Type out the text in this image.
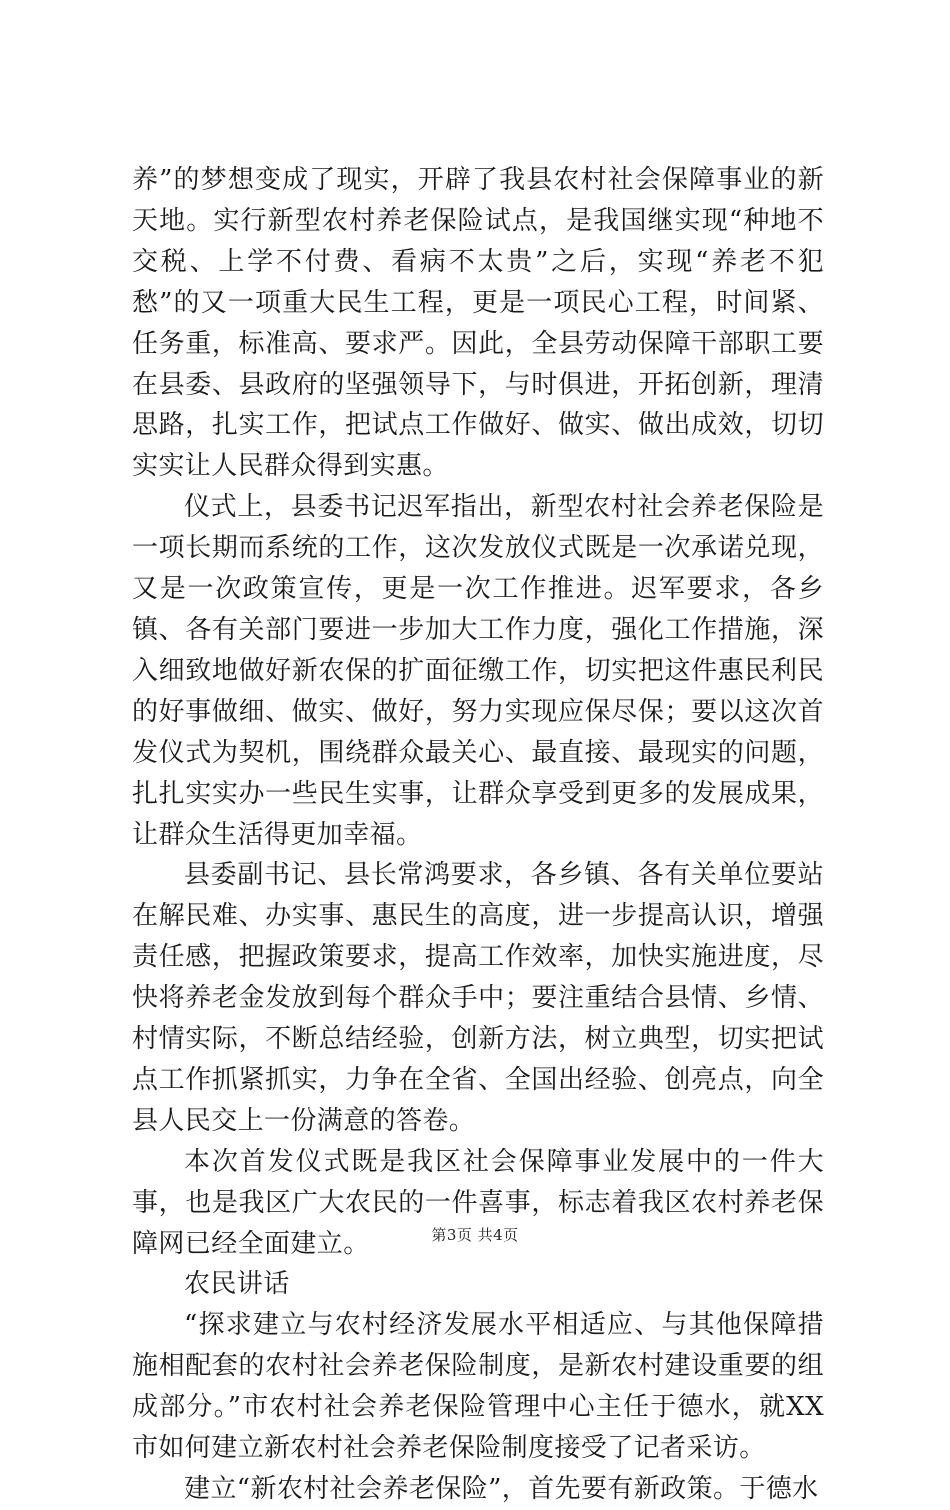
养”的梦想变成了现实，开辟了我县农村社会保障事业的新天地。实行新型农村养老保险试点，是我国继实现“种地不交税、上学不付费、看病不太贵”之后，实现“养老不犯愁”的又一项重大民生工程，更是一项民心工程，时间紧、任务重，标准高、要求严。因此，全县劳动保障干部职工要在县委、县政府的坚强领导下，与时俱进，开拓创新，理清思路，扎实工作，把试点工作做好、做实、做出成效，切切实实让人民群众得到实惠。

仪式上，县委书记迟军指出，新型农村社会养老保险是一项长期而系统的工作，这次发放仪式既是一次承诺兑现，又是一次政策宣传，更是一次工作推进。迟军要求，各乡镇、各有关部门要进一步加大工作力度，强化工作措施，深入细致地做好新农保的扩面征缴工作，切实把这件惠民利民的好事做细、做实、做好，努力实现应保尽保；要以这次首发仪式为契机，围绕群众最关心、最直接、最现实的问题，扎扎实实办一些民生实事，让群众享受到更多的发展成果，让群众生活得更加幸福。

县委副书记、县长常鸿要求，各乡镇、各有关单位要站在解民难、办实事、惠民生的高度，进一步提高认识，增强责任感，把握政策要求，提高工作效率，加快实施进度，尽快将养老金发放到每个群众手中；要注重结合县情、乡情、村情实际，不断总结经验，创新方法，树立典型，切实把试点工作抓紧抓实，力争在全省、全国出经验、创亮点，向全县人民交上一份满意的答卷。

本次首发仪式既是我区社会保障事业发展中的一件大事，也是我区广大农民的一件喜事，标志着我区农村养老保障网已经全面建立。

农民讲话

“探求建立与农村经济发展水平相适应、与其他保障措施相配套的农村社会养老保险制度，是新农村建设重要的组成部分。”市农村社会养老保险管理中心主任于德水，就XX市如何建立新农村社会养老保险制度接受了记者采访。

建立“新农村社会养老保险”，首先要有新政策。于德水

第3页 共4页
